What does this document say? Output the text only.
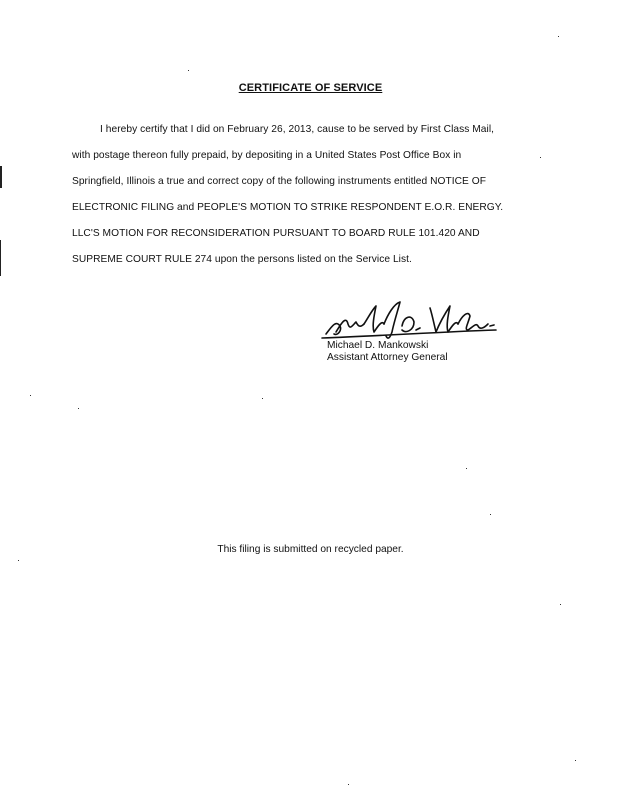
CERTIFICATE OF SERVICE
I hereby certify that I did on February 26, 2013, cause to be served by First Class Mail,
with postage thereon fully prepaid, by depositing in a United States Post Office Box in
Springfield, Illinois a true and correct copy of the following instruments entitled NOTICE OF
ELECTRONIC FILING and PEOPLE'S MOTION TO STRIKE RESPONDENT E.O.R. ENERGY.
LLC'S MOTION FOR RECONSIDERATION PURSUANT TO BOARD RULE 101.420 AND
SUPREME COURT RULE 274 upon the persons listed on the Service List.
Michael D. Mankowski
Assistant Attorney General
This filing is submitted on recycled paper.
